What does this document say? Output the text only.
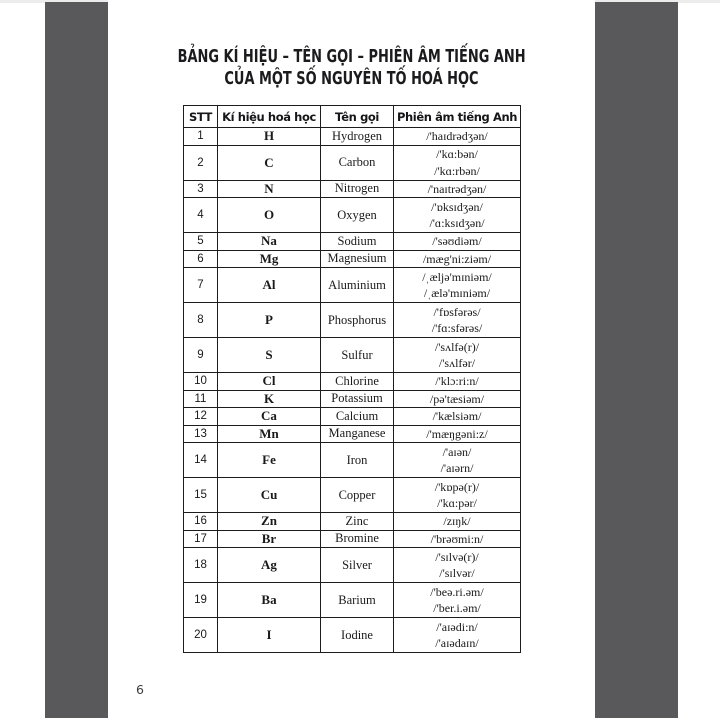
BẢNG KÍ HIỆU – TÊN GỌI – PHIÊN ÂM TIẾNG ANH
CỦA MỘT SỐ NGUYÊN TỐ HOÁ HỌC
STT	Kí hiệu hoá học	Tên gọi	Phiên âm tiếng Anh
1	H	Hydrogen	/'haɪdrədʒən/

2	C	Carbon	/'kɑ:bən/
/'kɑ:rbən/

3	N	Nitrogen	/'naɪtrədʒən/

4	O	Oxygen	/'ɒksɪdʒən/
/'ɑ:ksɪdʒən/

5	Na	Sodium	/'səʊdiəm/

6	Mg	Magnesium	/mæg'ni:ziəm/

7	Al	Aluminium	/ˌæljə'mɪniəm/
/ˌælə'mɪniəm/

8	P	Phosphorus	/'fɒsfərəs/
/'fɑ:sfərəs/

9	S	Sulfur	/'sʌlfə(r)/
/'sʌlfər/

10	Cl	Chlorine	/'klɔ:ri:n/

11	K	Potassium	/pə'tæsiəm/

12	Ca	Calcium	/'kælsiəm/

13	Mn	Manganese	/'mæŋgəni:z/

14	Fe	Iron	/'aɪən/
/'aɪərn/

15	Cu	Copper	/'kɒpə(r)/
/'kɑ:pər/

16	Zn	Zinc	/zɪŋk/

17	Br	Bromine	/'brəʊmi:n/

18	Ag	Silver	/'sɪlvə(r)/
/'sɪlvər/

19	Ba	Barium	/'beə.ri.əm/
/'ber.i.əm/

20	I	Iodine	/'aɪədi:n/
/'aɪədaɪn/
6
